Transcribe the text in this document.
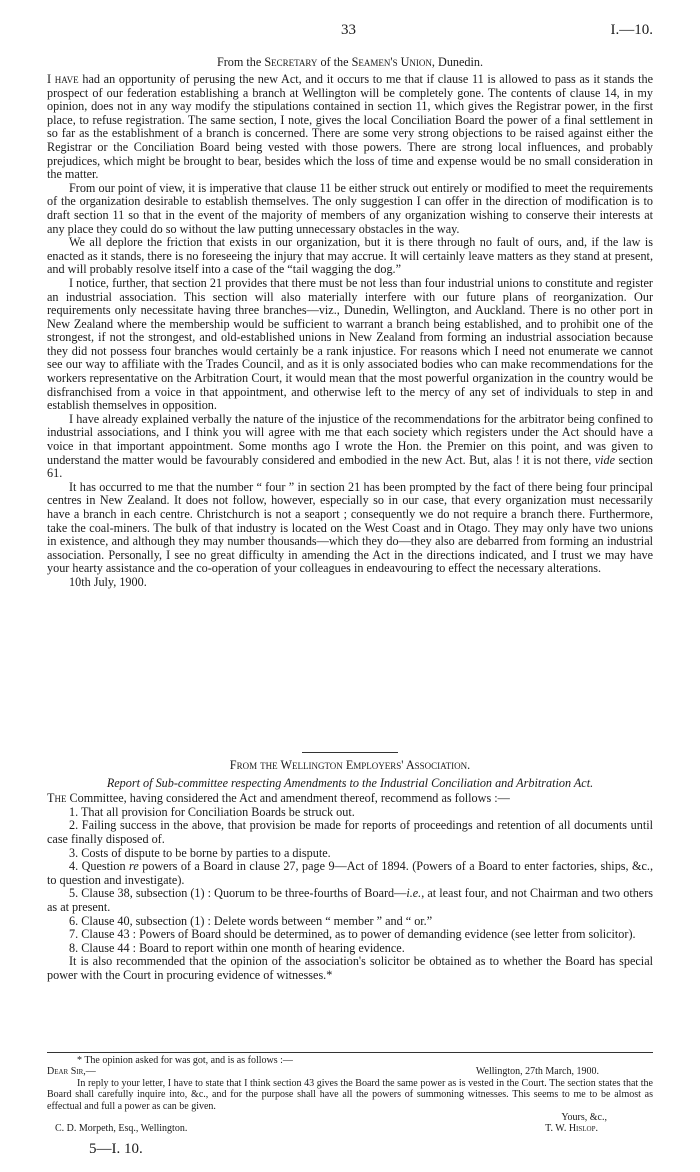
33	I.—10.
From the Secretary of the Seamen's Union, Dunedin.

I have had an opportunity of perusing the new Act, and it occurs to me that if clause 11 is allowed to pass as it stands the prospect of our federation establishing a branch at Wellington will be completely gone. The contents of clause 14, in my opinion, does not in any way modify the stipulations contained in section 11, which gives the Registrar power, in the first place, to refuse registration. The same section, I note, gives the local Conciliation Board the power of a final settlement in so far as the establishment of a branch is concerned. There are some very strong objections to be raised against either the Registrar or the Conciliation Board being vested with those powers. There are strong local influences, and probably prejudices, which might be brought to bear, besides which the loss of time and expense would be no small consideration in the matter.

From our point of view, it is imperative that clause 11 be either struck out entirely or modified to meet the requirements of the organization desirable to establish themselves. The only suggestion I can offer in the direction of modification is to draft section 11 so that in the event of the majority of members of any organization wishing to conserve their interests at any place they could do so without the law putting unnecessary obstacles in the way.

We all deplore the friction that exists in our organization, but it is there through no fault of ours, and, if the law is enacted as it stands, there is no foreseeing the injury that may accrue. It will certainly leave matters as they stand at present, and will probably resolve itself into a case of the “tail wagging the dog.”

I notice, further, that section 21 provides that there must be not less than four industrial unions to constitute and register an industrial association. This section will also materially interfere with our future plans of reorganization. Our requirements only necessitate having three branches—viz., Dunedin, Wellington, and Auckland. There is no other port in New Zealand where the membership would be sufficient to warrant a branch being established, and to prohibit one of the strongest, if not the strongest, and old-established unions in New Zealand from forming an industrial association because they did not possess four branches would certainly be a rank injustice. For reasons which I need not enumerate we cannot see our way to affiliate with the Trades Council, and as it is only associated bodies who can make recommendations for the workers representative on the Arbitration Court, it would mean that the most powerful organization in the country would be disfranchised from a voice in that appointment, and otherwise left to the mercy of any set of individuals to step in and establish themselves in opposition.

I have already explained verbally the nature of the injustice of the recommendations for the arbitrator being confined to industrial associations, and I think you will agree with me that each society which registers under the Act should have a voice in that important appointment. Some months ago I wrote the Hon. the Premier on this point, and was given to understand the matter would be favourably considered and embodied in the new Act. But, alas ! it is not there, vide section 61.

It has occurred to me that the number “ four ” in section 21 has been prompted by the fact of there being four principal centres in New Zealand. It does not follow, however, especially so in our case, that every organization must necessarily have a branch in each centre. Christchurch is not a seaport ; consequently we do not require a branch there. Furthermore, take the coal-miners. The bulk of that industry is located on the West Coast and in Otago. They may only have two unions in existence, and although they may number thousands—which they do—they also are debarred from forming an industrial association. Personally, I see no great difficulty in amending the Act in the directions indicated, and I trust we may have your hearty assistance and the co-operation of your colleagues in endeavouring to effect the necessary alterations.

10th July, 1900.

From the Wellington Employers' Association.
Report of Sub-committee respecting Amendments to the Industrial Conciliation and Arbitration Act.

The Committee, having considered the Act and amendment thereof, recommend as follows :—

1. That all provision for Conciliation Boards be struck out.

2. Failing success in the above, that provision be made for reports of proceedings and retention of all documents until case finally disposed of.

3. Costs of dispute to be borne by parties to a dispute.

4. Question re powers of a Board in clause 27, page 9—Act of 1894. (Powers of a Board to enter factories, ships, &c., to question and investigate).

5. Clause 38, subsection (1) : Quorum to be three-fourths of Board—i.e., at least four, and not Chairman and two others as at present.

6. Clause 40, subsection (1) : Delete words between “ member ” and “ or.”

7. Clause 43 : Powers of Board should be determined, as to power of demanding evidence (see letter from solicitor).

8. Clause 44 : Board to report within one month of hearing evidence.

It is also recommended that the opinion of the association's solicitor be obtained as to whether the Board has special power with the Court in procuring evidence of witnesses.*

* The opinion asked for was got, and is as follows :—

Dear Sir,—	Wellington, 27th March, 1900.

In reply to your letter, I have to state that I think section 43 gives the Board the same power as is vested in the Court. The section states that the Board shall carefully inquire into, &c., and for the purpose shall have all the powers of summoning witnesses. This seems to me to be almost as effectual and full a power as can be given.

Yours, &c.,
C. D. Morpeth, Esq., Wellington.	T. W. Hislop.
5—I. 10.
